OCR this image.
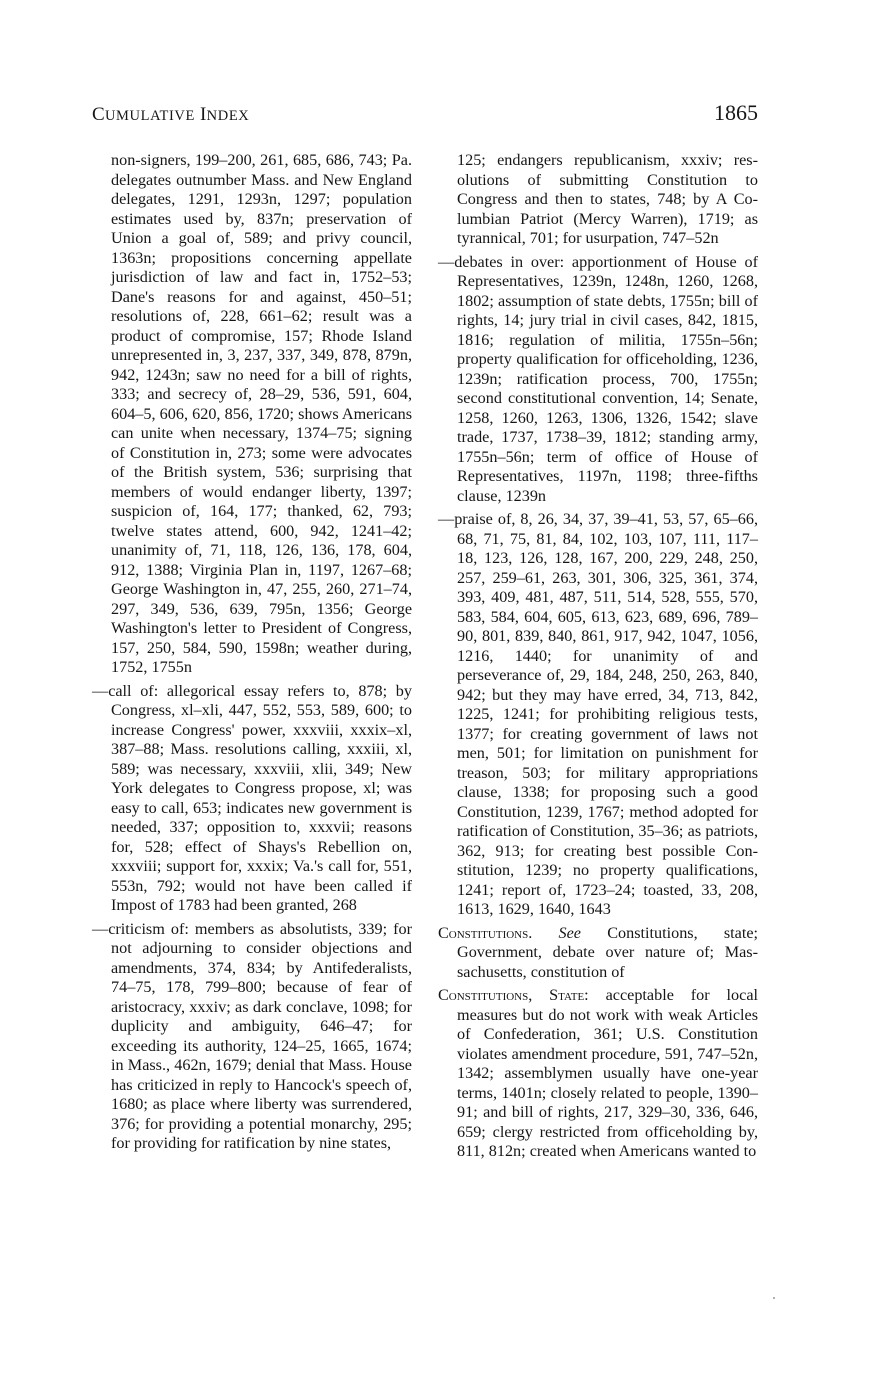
CUMULATIVE INDEX	1865

non-signers, 199–200, 261, 685, 686, 743; Pa. delegates outnumber Mass. and New England delegates, 1291, 1293n, 1297; population estimates used by, 837n; preservation of Union a goal of, 589; and privy council, 1363n; propositions concerning appellate jurisdiction of law and fact in, 1752–53; Dane's reasons for and against, 450–51; resolutions of, 228, 661–62; result was a product of compromise, 157; Rhode Island unrepresented in, 3, 237, 337, 349, 878, 879n, 942, 1243n; saw no need for a bill of rights, 333; and secrecy of, 28–29, 536, 591, 604, 604–5, 606, 620, 856, 1720; shows Americans can unite when necessary, 1374–75; signing of Constitution in, 273; some were advocates of the British system, 536; surprising that members of would endanger liberty, 1397; suspicion of, 164, 177; thanked, 62, 793; twelve states attend, 600, 942, 1241–42; unanimity of, 71, 118, 126, 136, 178, 604, 912, 1388; Virginia Plan in, 1197, 1267–68; George Washington in, 47, 255, 260, 271–74, 297, 349, 536, 639, 795n, 1356; George Washington's letter to President of Congress, 157, 250, 584, 590, 1598n; weather during, 1752, 1755n

—call of: allegorical essay refers to, 878; by Congress, xl–xli, 447, 552, 553, 589, 600; to increase Congress' power, xxxviii, xxxix–xl, 387–88; Mass. resolutions calling, xxxiii, xl, 589; was necessary, xxxviii, xlii, 349; New York delegates to Congress propose, xl; was easy to call, 653; indicates new government is needed, 337; opposition to, xxxvii; reasons for, 528; effect of Shays's Rebellion on, xxxviii; support for, xxxix; Va.'s call for, 551, 553n, 792; would not have been called if Impost of 1783 had been granted, 268

—criticism of: members as absolutists, 339; for not adjourning to consider objections and amendments, 374, 834; by Antifederalists, 74–75, 178, 799–800; because of fear of aristocracy, xxxiv; as dark conclave, 1098; for duplicity and ambiguity, 646–47; for exceeding its authority, 124–25, 1665, 1674; in Mass., 462n, 1679; denial that Mass. House has criticized in reply to Hancock's speech of, 1680; as place where liberty was surrendered, 376; for providing a potential monarchy, 295; for providing for ratification by nine states,

125; endangers republicanism, xxxiv; resolutions of submitting Constitution to Congress and then to states, 748; by A Columbian Patriot (Mercy Warren), 1719; as tyrannical, 701; for usurpation, 747–52n

—debates in over: apportionment of House of Representatives, 1239n, 1248n, 1260, 1268, 1802; assumption of state debts, 1755n; bill of rights, 14; jury trial in civil cases, 842, 1815, 1816; regulation of militia, 1755n–56n; property qualification for officeholding, 1236, 1239n; ratification process, 700, 1755n; second constitutional convention, 14; Senate, 1258, 1260, 1263, 1306, 1326, 1542; slave trade, 1737, 1738–39, 1812; standing army, 1755n–56n; term of office of House of Representatives, 1197n, 1198; three-fifths clause, 1239n

—praise of, 8, 26, 34, 37, 39–41, 53, 57, 65–66, 68, 71, 75, 81, 84, 102, 103, 107, 111, 117–18, 123, 126, 128, 167, 200, 229, 248, 250, 257, 259–61, 263, 301, 306, 325, 361, 374, 393, 409, 481, 487, 511, 514, 528, 555, 570, 583, 584, 604, 605, 613, 623, 689, 696, 789–90, 801, 839, 840, 861, 917, 942, 1047, 1056, 1216, 1440; for unanimity of and perseverance of, 29, 184, 248, 250, 263, 840, 942; but they may have erred, 34, 713, 842, 1225, 1241; for prohibiting religious tests, 1377; for creating government of laws not men, 501; for limitation on punishment for treason, 503; for military appropriations clause, 1338; for proposing such a good Constitution, 1239, 1767; method adopted for ratification of Constitution, 35–36; as patriots, 362, 913; for creating best possible Constitution, 1239; no property qualifications, 1241; report of, 1723–24; toasted, 33, 208, 1613, 1629, 1640, 1643

Constitutions. See Constitutions, state; Government, debate over nature of; Massachusetts, constitution of

Constitutions, State: acceptable for local measures but do not work with weak Articles of Confederation, 361; U.S. Constitution violates amendment procedure, 591, 747–52n, 1342; assemblymen usually have one-year terms, 1401n; closely related to people, 1390–91; and bill of rights, 217, 329–30, 336, 646, 659; clergy restricted from officeholding by, 811, 812n; created when Americans wanted to
